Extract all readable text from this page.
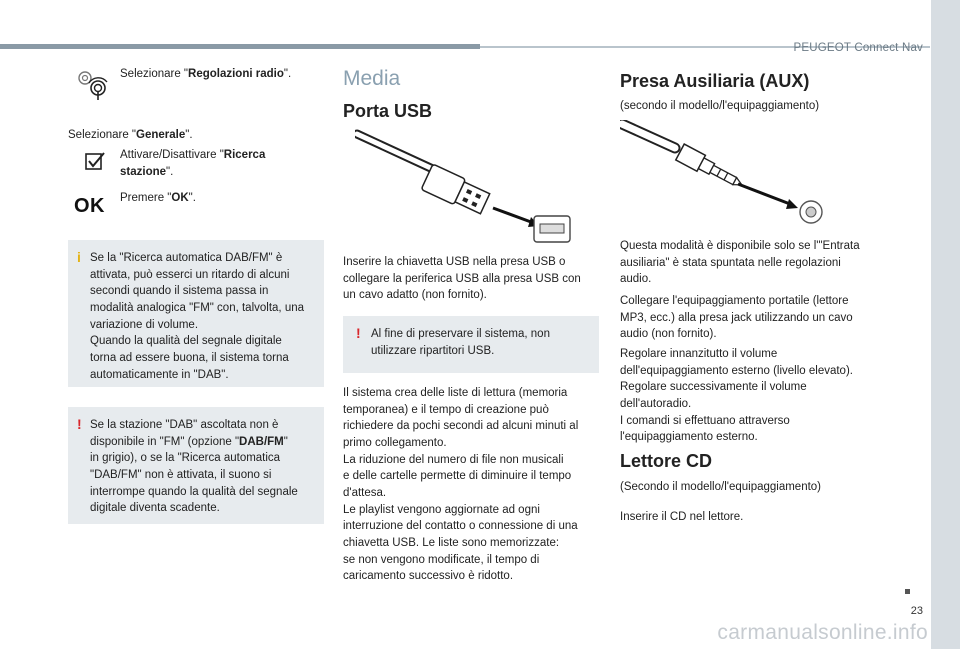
PEUGEOT Connect Nav
Selezionare "Regolazioni radio".
Selezionare "Generale".
Attivare/Disattivare "Ricerca stazione".
OK	Premere "OK".
i Se la "Ricerca automatica DAB/FM" è
attivata, può esserci un ritardo di alcuni
secondi quando il sistema passa in
modalità analogica "FM" con, talvolta, una
variazione di volume.
Quando la qualità del segnale digitale
torna ad essere buona, il sistema torna
automaticamente in "DAB".
! Se la stazione "DAB" ascoltata non è
disponibile in "FM" (opzione "DAB/FM"
in grigio), o se la "Ricerca automatica
"DAB/FM" non è attivata, il suono si
interrompe quando la qualità del segnale
digitale diventa scadente.
Media
Porta USB
Inserire la chiavetta USB nella presa USB o
collegare la periferica USB alla presa USB con
un cavo adatto (non fornito).
! Al fine di preservare il sistema, non
utilizzare ripartitori USB.
Il sistema crea delle liste di lettura (memoria
temporanea) e il tempo di creazione può
richiedere da pochi secondi ad alcuni minuti al
primo collegamento.
La riduzione del numero di file non musicali
e delle cartelle permette di diminuire il tempo
d'attesa.
Le playlist vengono aggiornate ad ogni
interruzione del contatto o connessione di una
chiavetta USB. Le liste sono memorizzate:
se non vengono modificate, il tempo di
caricamento successivo è ridotto.
Presa Ausiliaria (AUX)
(secondo il modello/l'equipaggiamento)
Questa modalità è disponibile solo se l'"Entrata
ausiliaria" è stata spuntata nelle regolazioni
audio.
Collegare l'equipaggiamento portatile (lettore
MP3, ecc.) alla presa jack utilizzando un cavo
audio (non fornito).
Regolare innanzitutto il volume
dell'equipaggiamento esterno (livello elevato).
Regolare successivamente il volume
dell'autoradio.
I comandi si effettuano attraverso
l'equipaggiamento esterno.
Lettore CD
(Secondo il modello/l'equipaggiamento)
Inserire il CD nel lettore.
23
carmanualsonline.info
